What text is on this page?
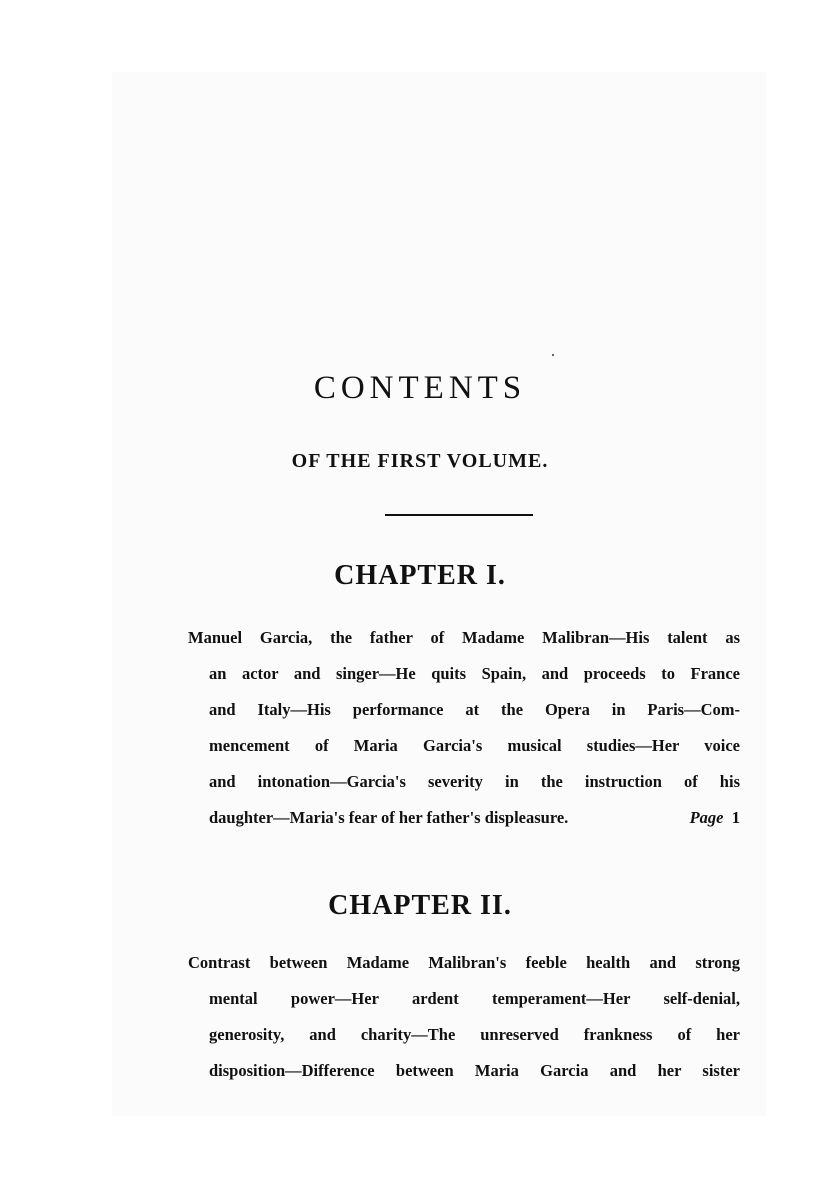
CONTENTS
OF THE FIRST VOLUME.
CHAPTER I.
Manuel Garcia, the father of Madame Malibran—His talent as
an actor and singer—He quits Spain, and proceeds to France
and Italy—His performance at the Opera in Paris—Com-
mencement of Maria Garcia's musical studies—Her voice
and intonation—Garcia's severity in the instruction of his
daughter—Maria's fear of her father's displeasure.	Page 1
CHAPTER II.
Contrast between Madame Malibran's feeble health and strong
mental power—Her ardent temperament—Her self-denial,
generosity, and charity—The unreserved frankness of her
disposition—Difference between Maria Garcia and her sister
